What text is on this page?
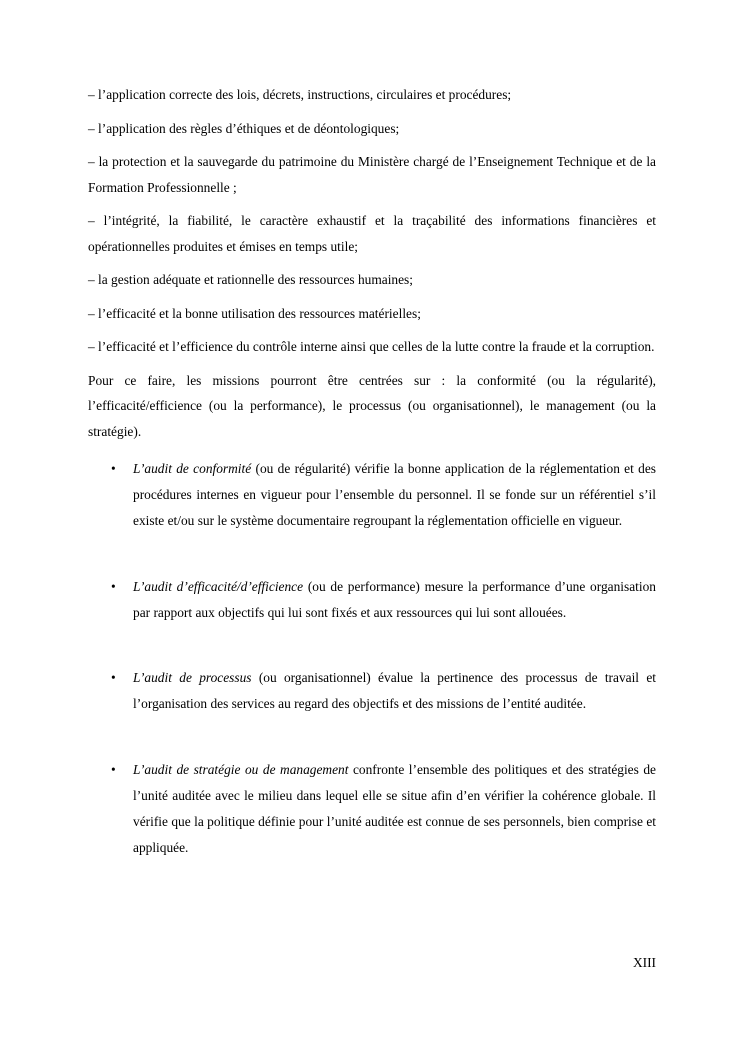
– l’application correcte des lois, décrets, instructions, circulaires et procédures;

– l’application des règles d’éthiques et de déontologiques;

– la protection et la sauvegarde du patrimoine du Ministère chargé de l’Enseignement Technique et de la Formation Professionnelle ;

– l’intégrité, la fiabilité, le caractère exhaustif et la traçabilité des informations financières et opérationnelles produites et émises en temps utile;

– la gestion adéquate et rationnelle des ressources humaines;

– l’efficacité et la bonne utilisation des ressources matérielles;

– l’efficacité et l’efficience du contrôle interne ainsi que celles de la lutte contre la fraude et la corruption.

Pour ce faire, les missions pourront être centrées sur : la conformité (ou la régularité), l’efficacité/efficience (ou la performance), le processus (ou organisationnel), le management (ou la stratégie).

• L’audit de conformité (ou de régularité) vérifie la bonne application de la réglementation et des procédures internes en vigueur pour l’ensemble du personnel. Il se fonde sur un référentiel s’il existe et/ou sur le système documentaire regroupant la réglementation officielle en vigueur.
• L’audit d’efficacité/d’efficience (ou de performance) mesure la performance d’une organisation par rapport aux objectifs qui lui sont fixés et aux ressources qui lui sont allouées.
• L’audit de processus (ou organisationnel) évalue la pertinence des processus de travail et l’organisation des services au regard des objectifs et des missions de l’entité auditée.
• L’audit de stratégie ou de management confronte l’ensemble des politiques et des stratégies de l’unité auditée avec le milieu dans lequel elle se situe afin d’en vérifier la cohérence globale. Il vérifie que la politique définie pour l’unité auditée est connue de ses personnels, bien comprise et appliquée.
XIII
